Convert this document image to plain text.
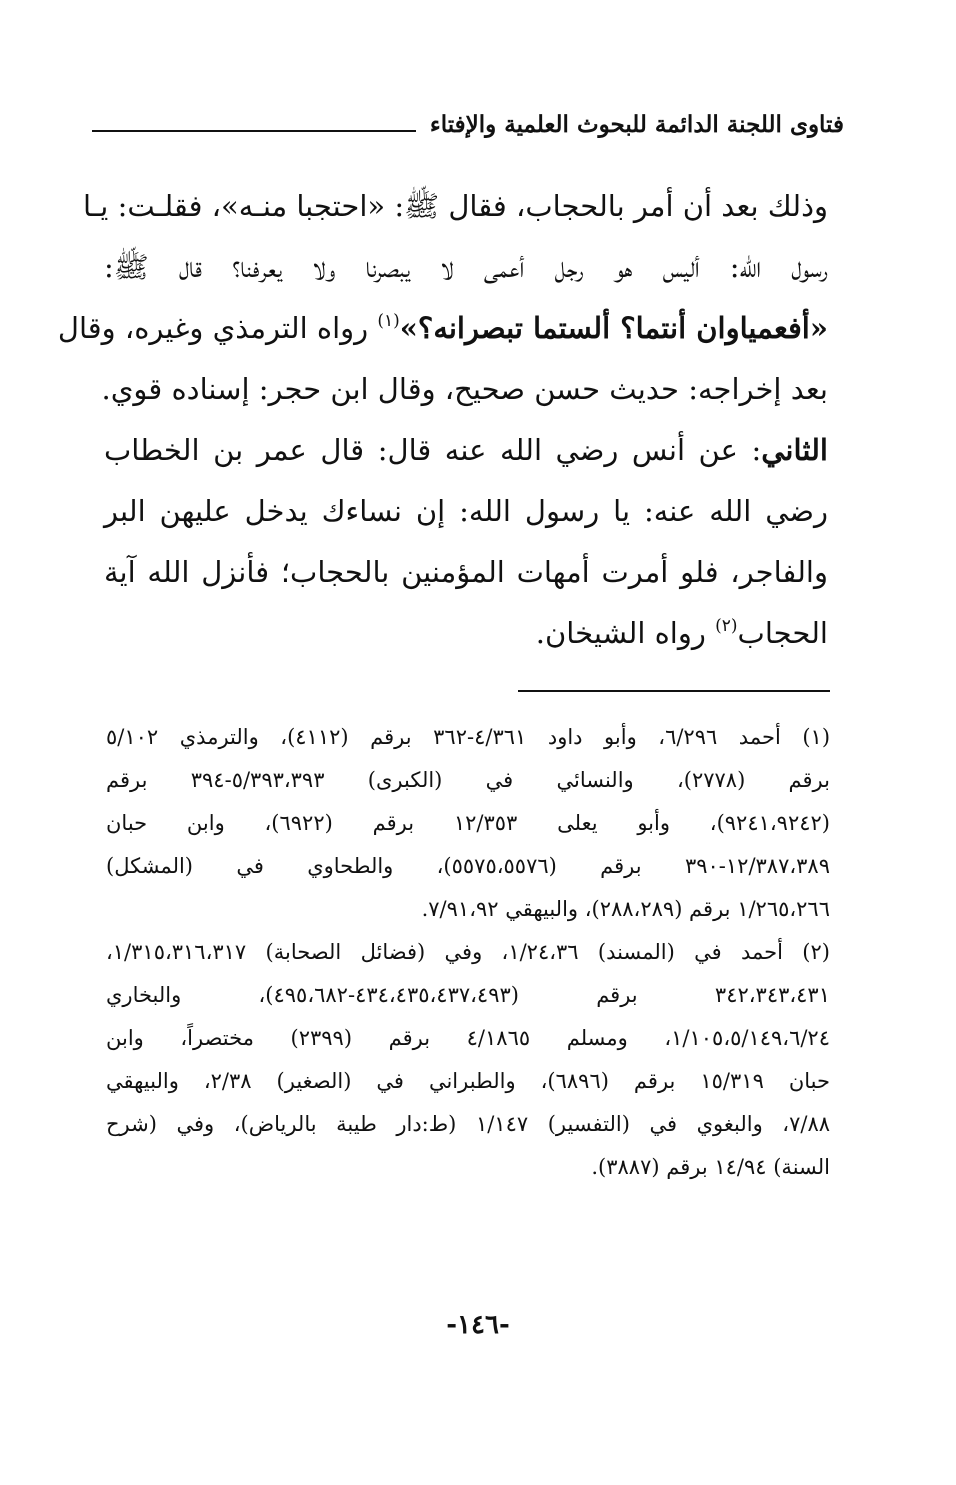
فتاوى اللجنة الدائمة للبحوث العلمية والإفتاء
وذلك بعد أن أمر بالحجاب، فقال ﷺ: «احتجبا منـه»، فقلـت: يـا
رسول الله: أليس هو رجل أعمى لا يبصرنا ولا يعرفنا؟ قال ﷺ:
«أفعمياوان أنتما؟ ألستما تبصرانه؟»$^{(١)}$ رواه الترمذي وغيره، وقال
بعد إخراجه: حديث حسن صحيح، وقال ابن حجر: إسناده قوي.
الثاني: عن أنس رضي الله عنه قال: قال عمر بن الخطاب
رضي الله عنه: يا رسول الله: إن نساءك يدخل عليهن البر
والفاجر، فلو أمرت أمهات المؤمنين بالحجاب؛ فأنزل الله آية
الحجاب$^{(٢)}$ رواه الشيخان.
(١) أحمد ٦/٢٩٦، وأبو داود ٤/٣٦١-٣٦٢ برقم (٤١١٢)، والترمذي ٥/١٠٢
برقم (٢٧٧٨)، والنسائي في (الكبرى) ٥/٣٩٣،٣٩٣-٣٩٤ برقم
(٩٢٤١،٩٢٤٢)، وأبو يعلى ١٢/٣٥٣ برقم (٦٩٢٢)، وابن حبان
١٢/٣٨٧،٣٨٩-٣٩٠ برقم (٥٥٧٥،٥٥٧٦)، والطحاوي في (المشكل)
١/٢٦٥،٢٦٦ برقم (٢٨٨،٢٨٩)، والبيهقي ٧/٩١،٩٢.
(٢) أحمد في (المسند) ١/٢٤،٣٦، وفي (فضائل الصحابة) ١/٣١٥،٣١٦،٣١٧،
٣٤٢،٣٤٣،٤٣١ برقم (٤٣٤،٤٣٥،٤٣٧،٤٩٣-٤٩٥،٦٨٢)، والبخاري
١/١٠٥،٥/١٤٩،٦/٢٤، ومسلم ٤/١٨٦٥ برقم (٢٣٩٩) مختصراً، وابن
حبان ١٥/٣١٩ برقم (٦٨٩٦)، والطبراني في (الصغير) ٢/٣٨، والبيهقي
٧/٨٨، والبغوي في (التفسير) ١/١٤٧ (ط:دار طيبة بالرياض)، وفي (شرح
السنة) ١٤/٩٤ برقم (٣٨٨٧).
-١٤٦-
